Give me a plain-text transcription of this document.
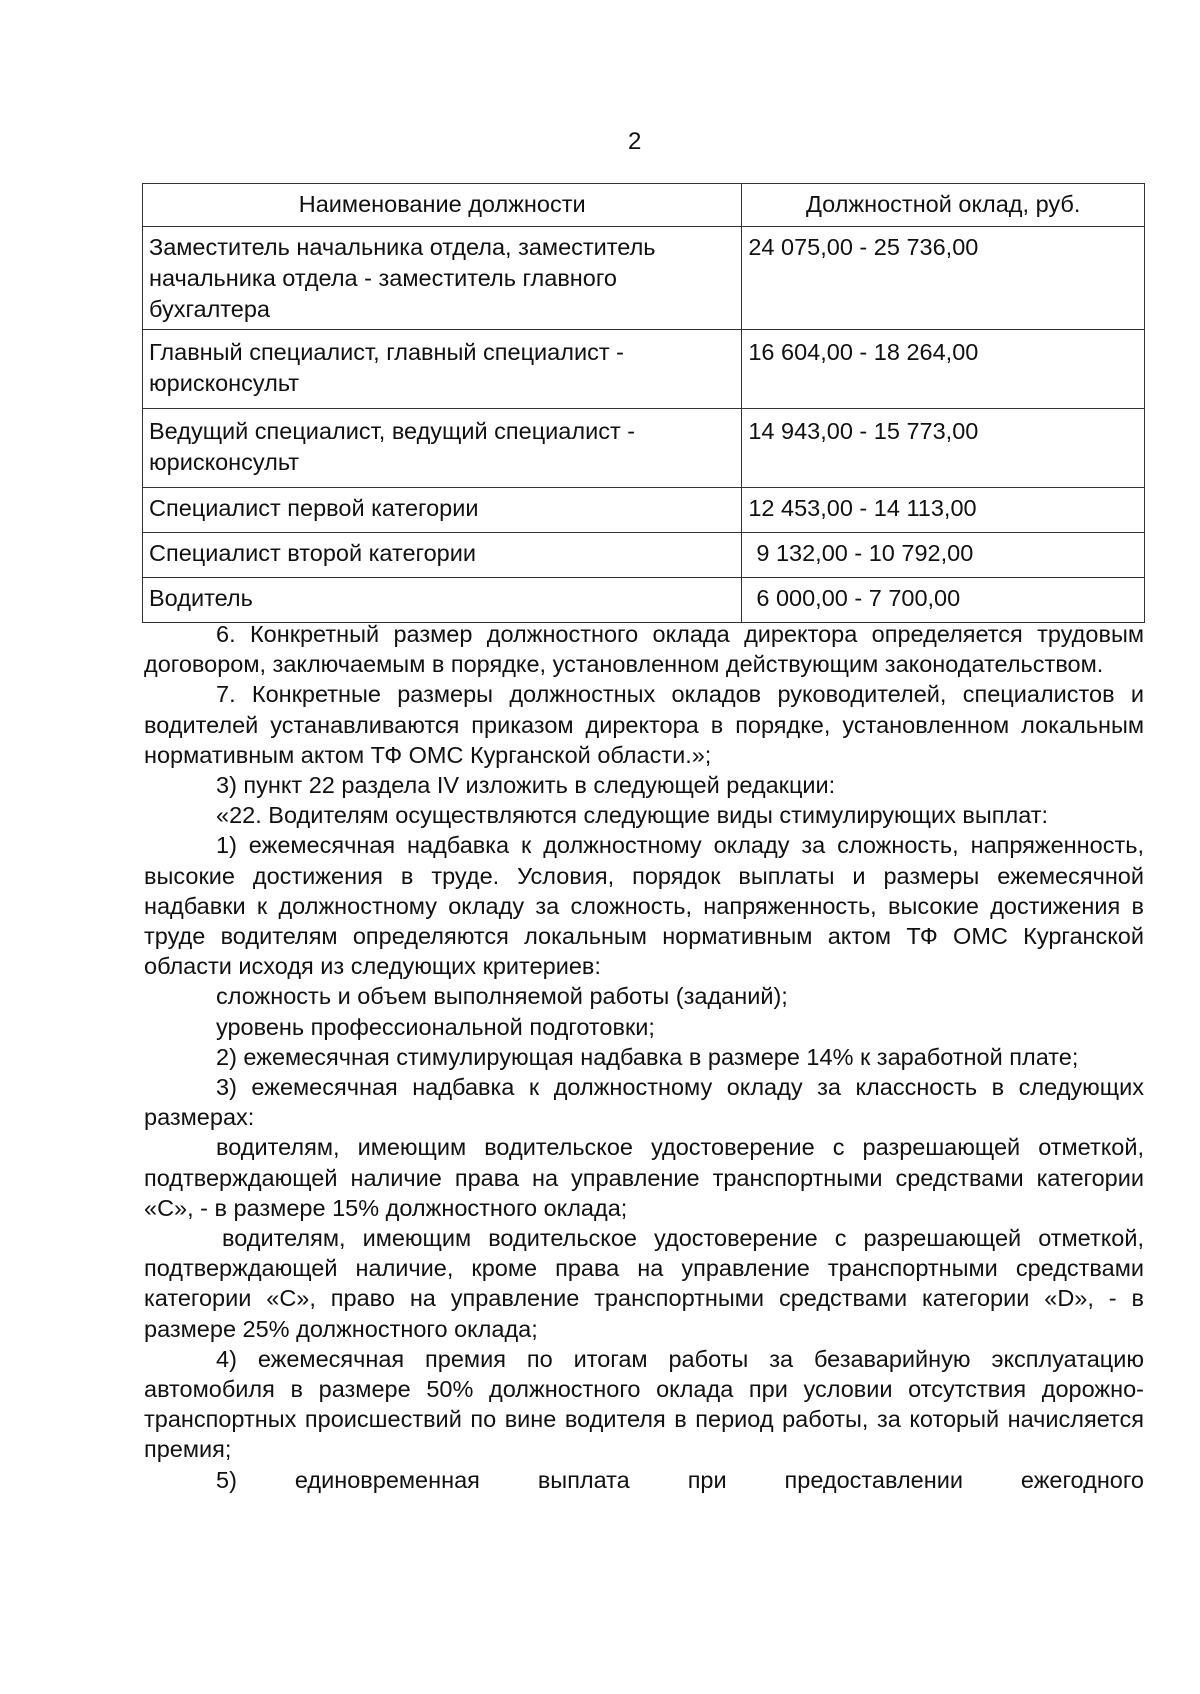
2
Наименование должности	Должностной оклад, руб.
Заместитель начальника отдела, заместитель начальника отдела - заместитель главного бухгалтера	24 075,00 - 25 736,00
Главный специалист, главный специалист - юрисконсульт	16 604,00 - 18 264,00
Ведущий специалист, ведущий специалист - юрисконсульт	14 943,00 - 15 773,00
Специалист первой категории	12 453,00 - 14 113,00
Специалист второй категории	9 132,00 - 10 792,00
Водитель	6 000,00 - 7 700,00

6. Конкретный размер должностного оклада директора определяется трудовым договором, заключаемым в порядке, установленном действующим законодательством.

7. Конкретные размеры должностных окладов руководителей, специалистов и водителей устанавливаются приказом директора в порядке, установленном локальным нормативным актом ТФ ОМС Курганской области.»;

3) пункт 22 раздела IV изложить в следующей редакции:

«22. Водителям осуществляются следующие виды стимулирующих выплат:

1) ежемесячная надбавка к должностному окладу за сложность, напряженность, высокие достижения в труде. Условия, порядок выплаты и размеры ежемесячной надбавки к должностному окладу за сложность, напряженность, высокие достижения в труде водителям определяются локальным нормативным актом ТФ ОМС Курганской области исходя из следующих критериев:

сложность и объем выполняемой работы (заданий);

уровень профессиональной подготовки;

2) ежемесячная стимулирующая надбавка в размере 14% к заработной плате;

3) ежемесячная надбавка к должностному окладу за классность в следующих размерах:

водителям, имеющим водительское удостоверение с разрешающей отметкой, подтверждающей наличие права на управление транспортными средствами категории «C», - в размере 15% должностного оклада;

водителям, имеющим водительское удостоверение с разрешающей отметкой, подтверждающей наличие, кроме права на управление транспортными средствами категории «C», право на управление транспортными средствами категории «D», - в размере 25% должностного оклада;

4) ежемесячная премия по итогам работы за безаварийную эксплуатацию автомобиля в размере 50% должностного оклада при условии отсутствия дорожно-транспортных происшествий по вине водителя в период работы, за который начисляется премия;

5) единовременная выплата при предоставлении ежегодного
